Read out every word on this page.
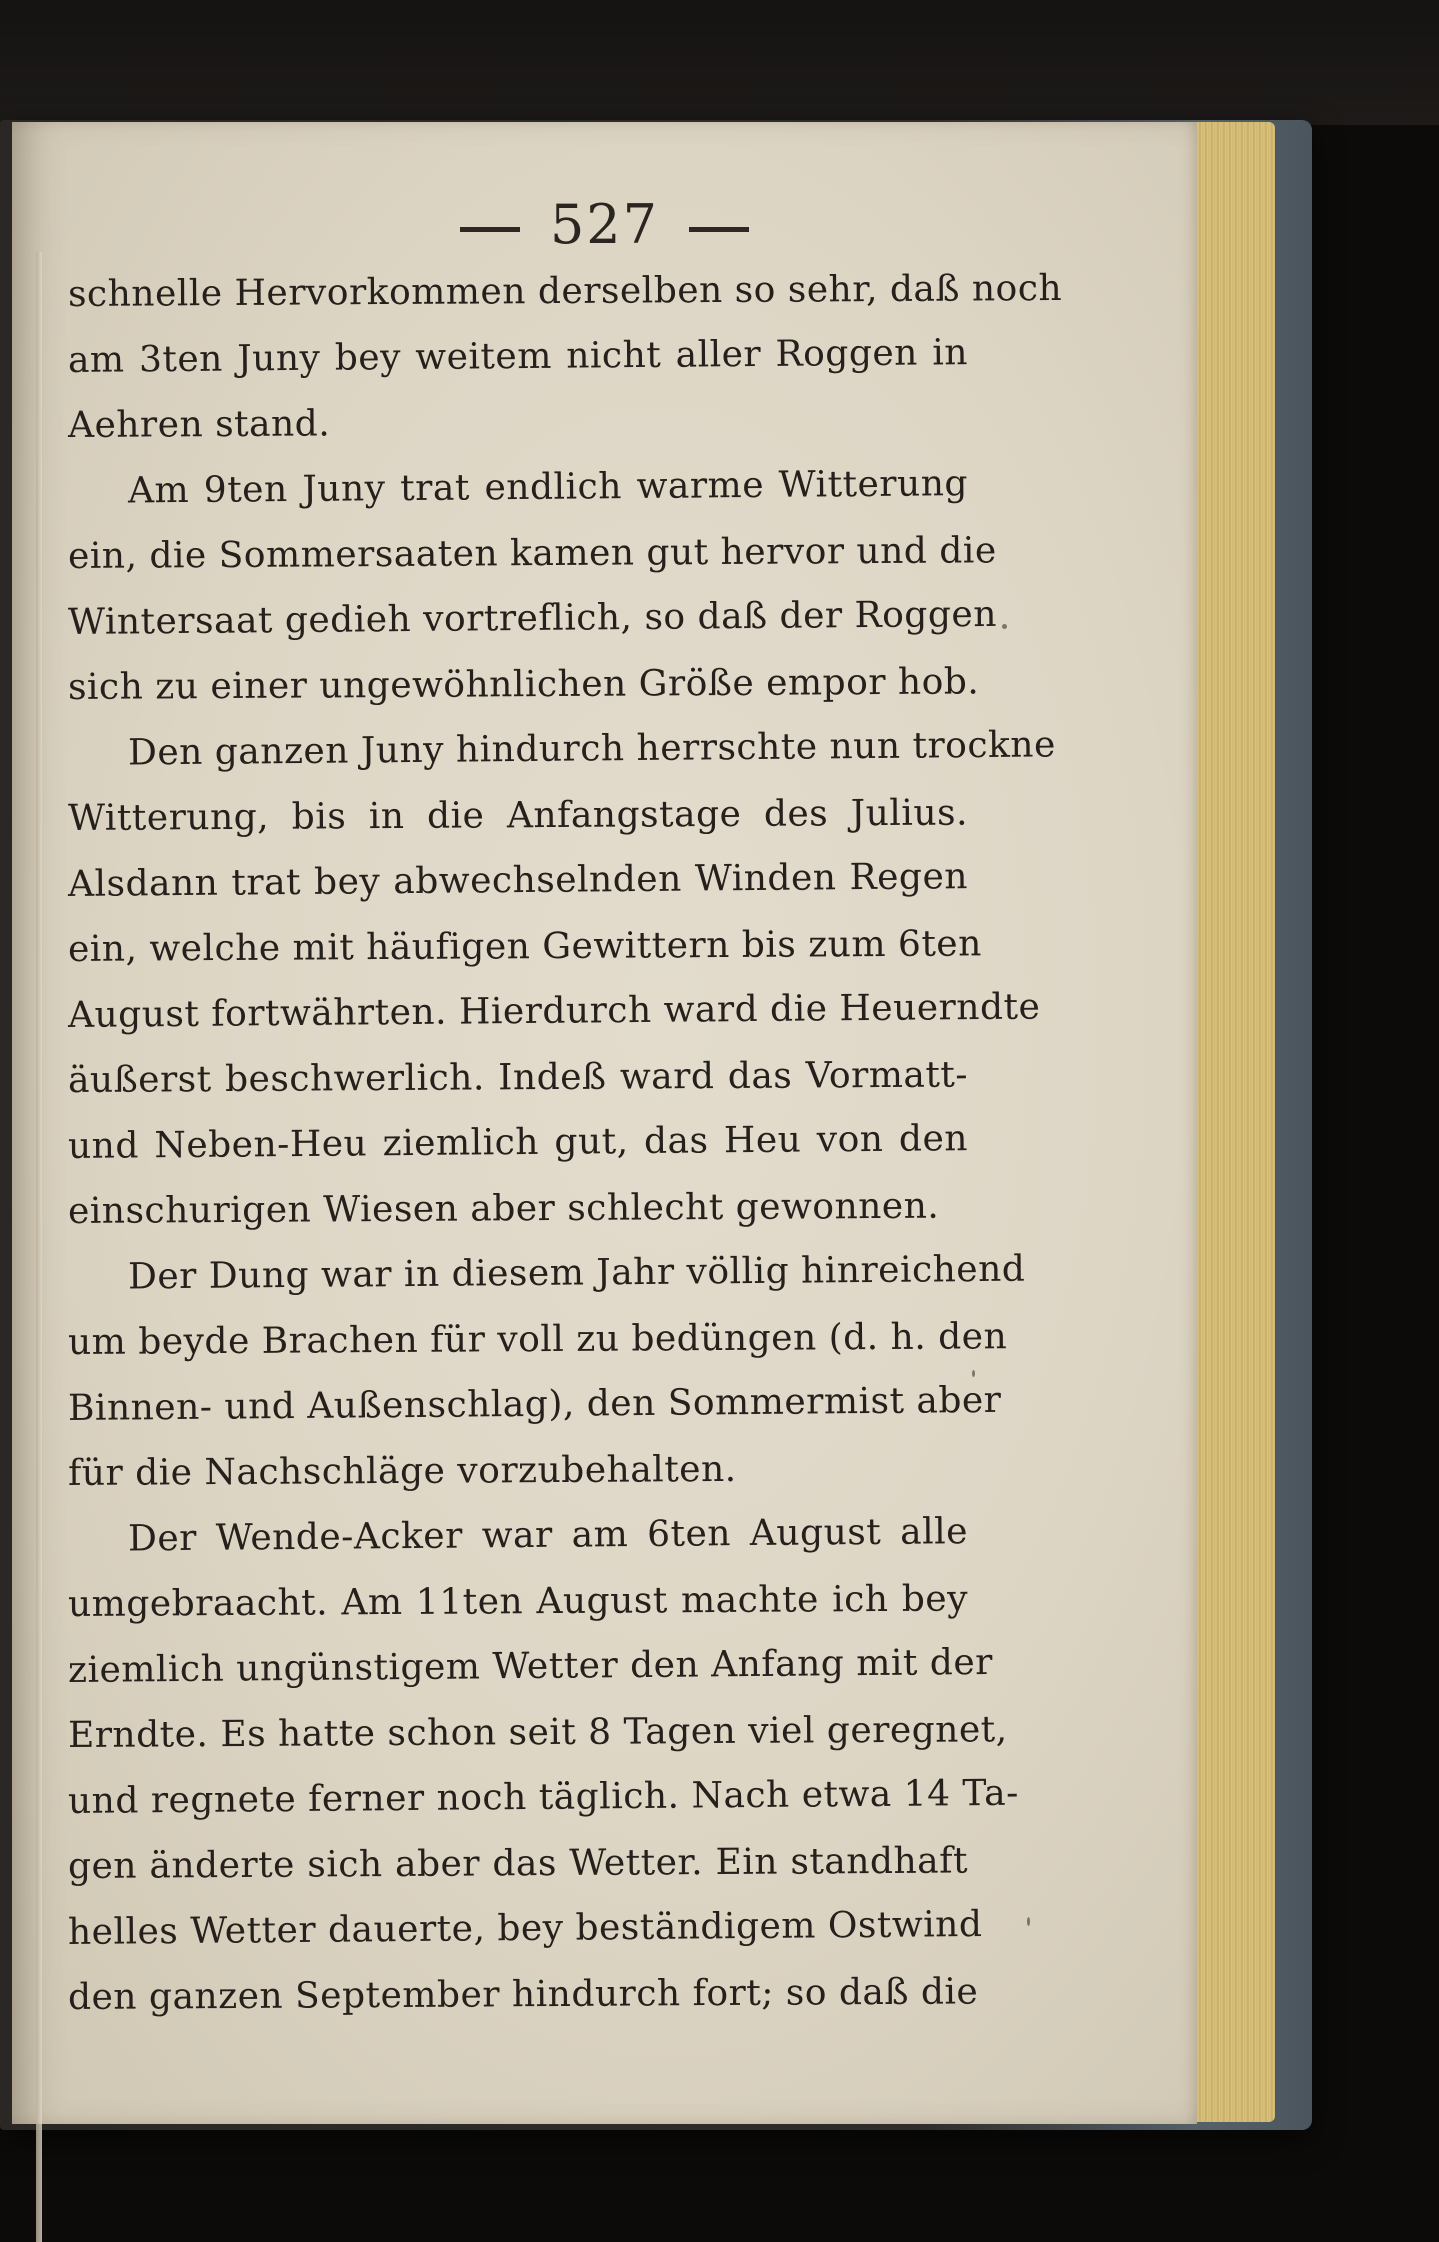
527
schnelle Hervorkommen derselben so sehr, daß noch
am 3ten Juny bey weitem nicht aller Roggen in
Aehren stand.
Am 9ten Juny trat endlich warme Witterung
ein, die Sommersaaten kamen gut hervor und die
Wintersaat gedieh vortreflich, so daß der Roggen
sich zu einer ungewöhnlichen Größe empor hob.
Den ganzen Juny hindurch herrschte nun trockne
Witterung, bis in die Anfangstage des Julius.
Alsdann trat bey abwechselnden Winden Regen
ein, welche mit häufigen Gewittern bis zum 6ten
August fortwährten. Hierdurch ward die Heuerndte
äußerst beschwerlich. Indeß ward das Vormatt-
und Neben-Heu ziemlich gut, das Heu von den
einschurigen Wiesen aber schlecht gewonnen.
Der Dung war in diesem Jahr völlig hinreichend
um beyde Brachen für voll zu bedüngen (d. h. den
Binnen- und Außenschlag), den Sommermist aber
für die Nachschläge vorzubehalten.
Der Wende-Acker war am 6ten August alle
umgebraacht. Am 11ten August machte ich bey
ziemlich ungünstigem Wetter den Anfang mit der
Erndte. Es hatte schon seit 8 Tagen viel geregnet,
und regnete ferner noch täglich. Nach etwa 14 Ta-
gen änderte sich aber das Wetter. Ein standhaft
helles Wetter dauerte, bey beständigem Ostwind
den ganzen September hindurch fort; so daß die
